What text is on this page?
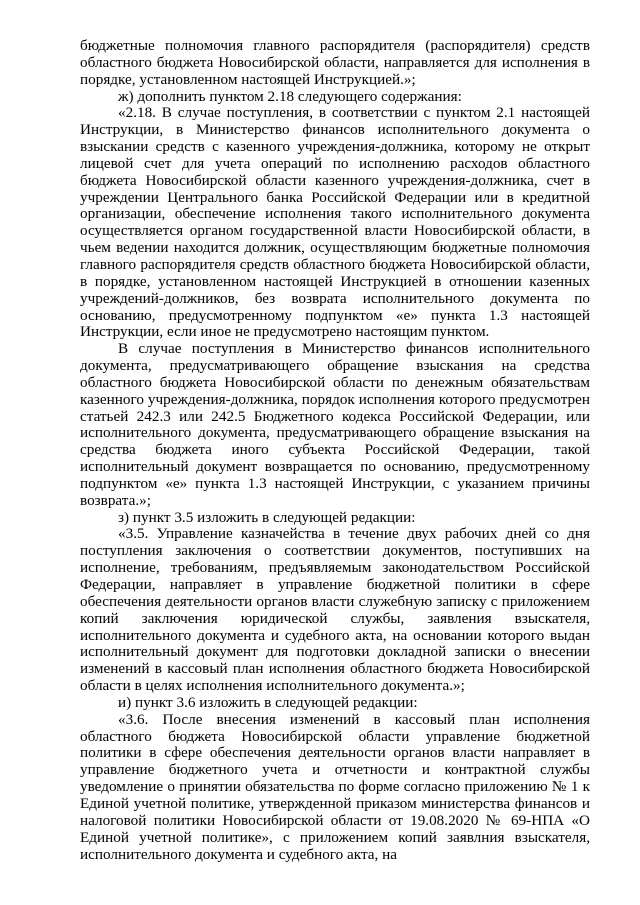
бюджетные полномочия главного распорядителя (распорядителя) средств областного бюджета Новосибирской области, направляется для исполнения в порядке, установленном настоящей Инструкцией.»;

ж) дополнить пунктом 2.18 следующего содержания:

«2.18. В случае поступления, в соответствии с пунктом 2.1 настоящей Инструкции, в Министерство финансов исполнительного документа о взыскании средств с казенного учреждения-должника, которому не открыт лицевой счет для учета операций по исполнению расходов областного бюджета Новосибирской области казенного учреждения-должника, счет в учреждении Центрального банка Российской Федерации или в кредитной организации, обеспечение исполнения такого исполнительного документа осуществляется органом государственной власти Новосибирской области, в чьем ведении находится должник, осуществляющим бюджетные полномочия главного распорядителя средств областного бюджета Новосибирской области, в порядке, установленном настоящей Инструкцией в отношении казенных учреждений-должников, без возврата исполнительного документа по основанию, предусмотренному подпунктом «е» пункта 1.3 настоящей Инструкции, если иное не предусмотрено настоящим пунктом.

В случае поступления в Министерство финансов исполнительного документа, предусматривающего обращение взыскания на средства областного бюджета Новосибирской области по денежным обязательствам казенного учреждения-должника, порядок исполнения которого предусмотрен статьей 242.3 или 242.5 Бюджетного кодекса Российской Федерации, или исполнительного документа, предусматривающего обращение взыскания на средства бюджета иного субъекта Российской Федерации, такой исполнительный документ возвращается по основанию, предусмотренному подпунктом «е» пункта 1.3 настоящей Инструкции, с указанием причины возврата.»;

з) пункт 3.5 изложить в следующей редакции:

«3.5. Управление казначейства в течение двух рабочих дней со дня поступления заключения о соответствии документов, поступивших на исполнение, требованиям, предъявляемым законодательством Российской Федерации, направляет в управление бюджетной политики в сфере обеспечения деятельности органов власти служебную записку с приложением копий заключения юридической службы, заявления взыскателя, исполнительного документа и судебного акта, на основании которого выдан исполнительный документ для подготовки докладной записки о внесении изменений в кассовый план исполнения областного бюджета Новосибирской области в целях исполнения исполнительного документа.»;

и) пункт 3.6 изложить в следующей редакции:

«3.6. После внесения изменений в кассовый план исполнения областного бюджета Новосибирской области управление бюджетной политики в сфере обеспечения деятельности органов власти направляет в управление бюджетного учета и отчетности и контрактной службы уведомление о принятии обязательства по форме согласно приложению № 1 к Единой учетной политике, утвержденной приказом министерства финансов и налоговой политики Новосибирской области от 19.08.2020 № 69-НПА «О Единой учетной политике», с приложением копий заявлния взыскателя, исполнительного документа и судебного акта, на
